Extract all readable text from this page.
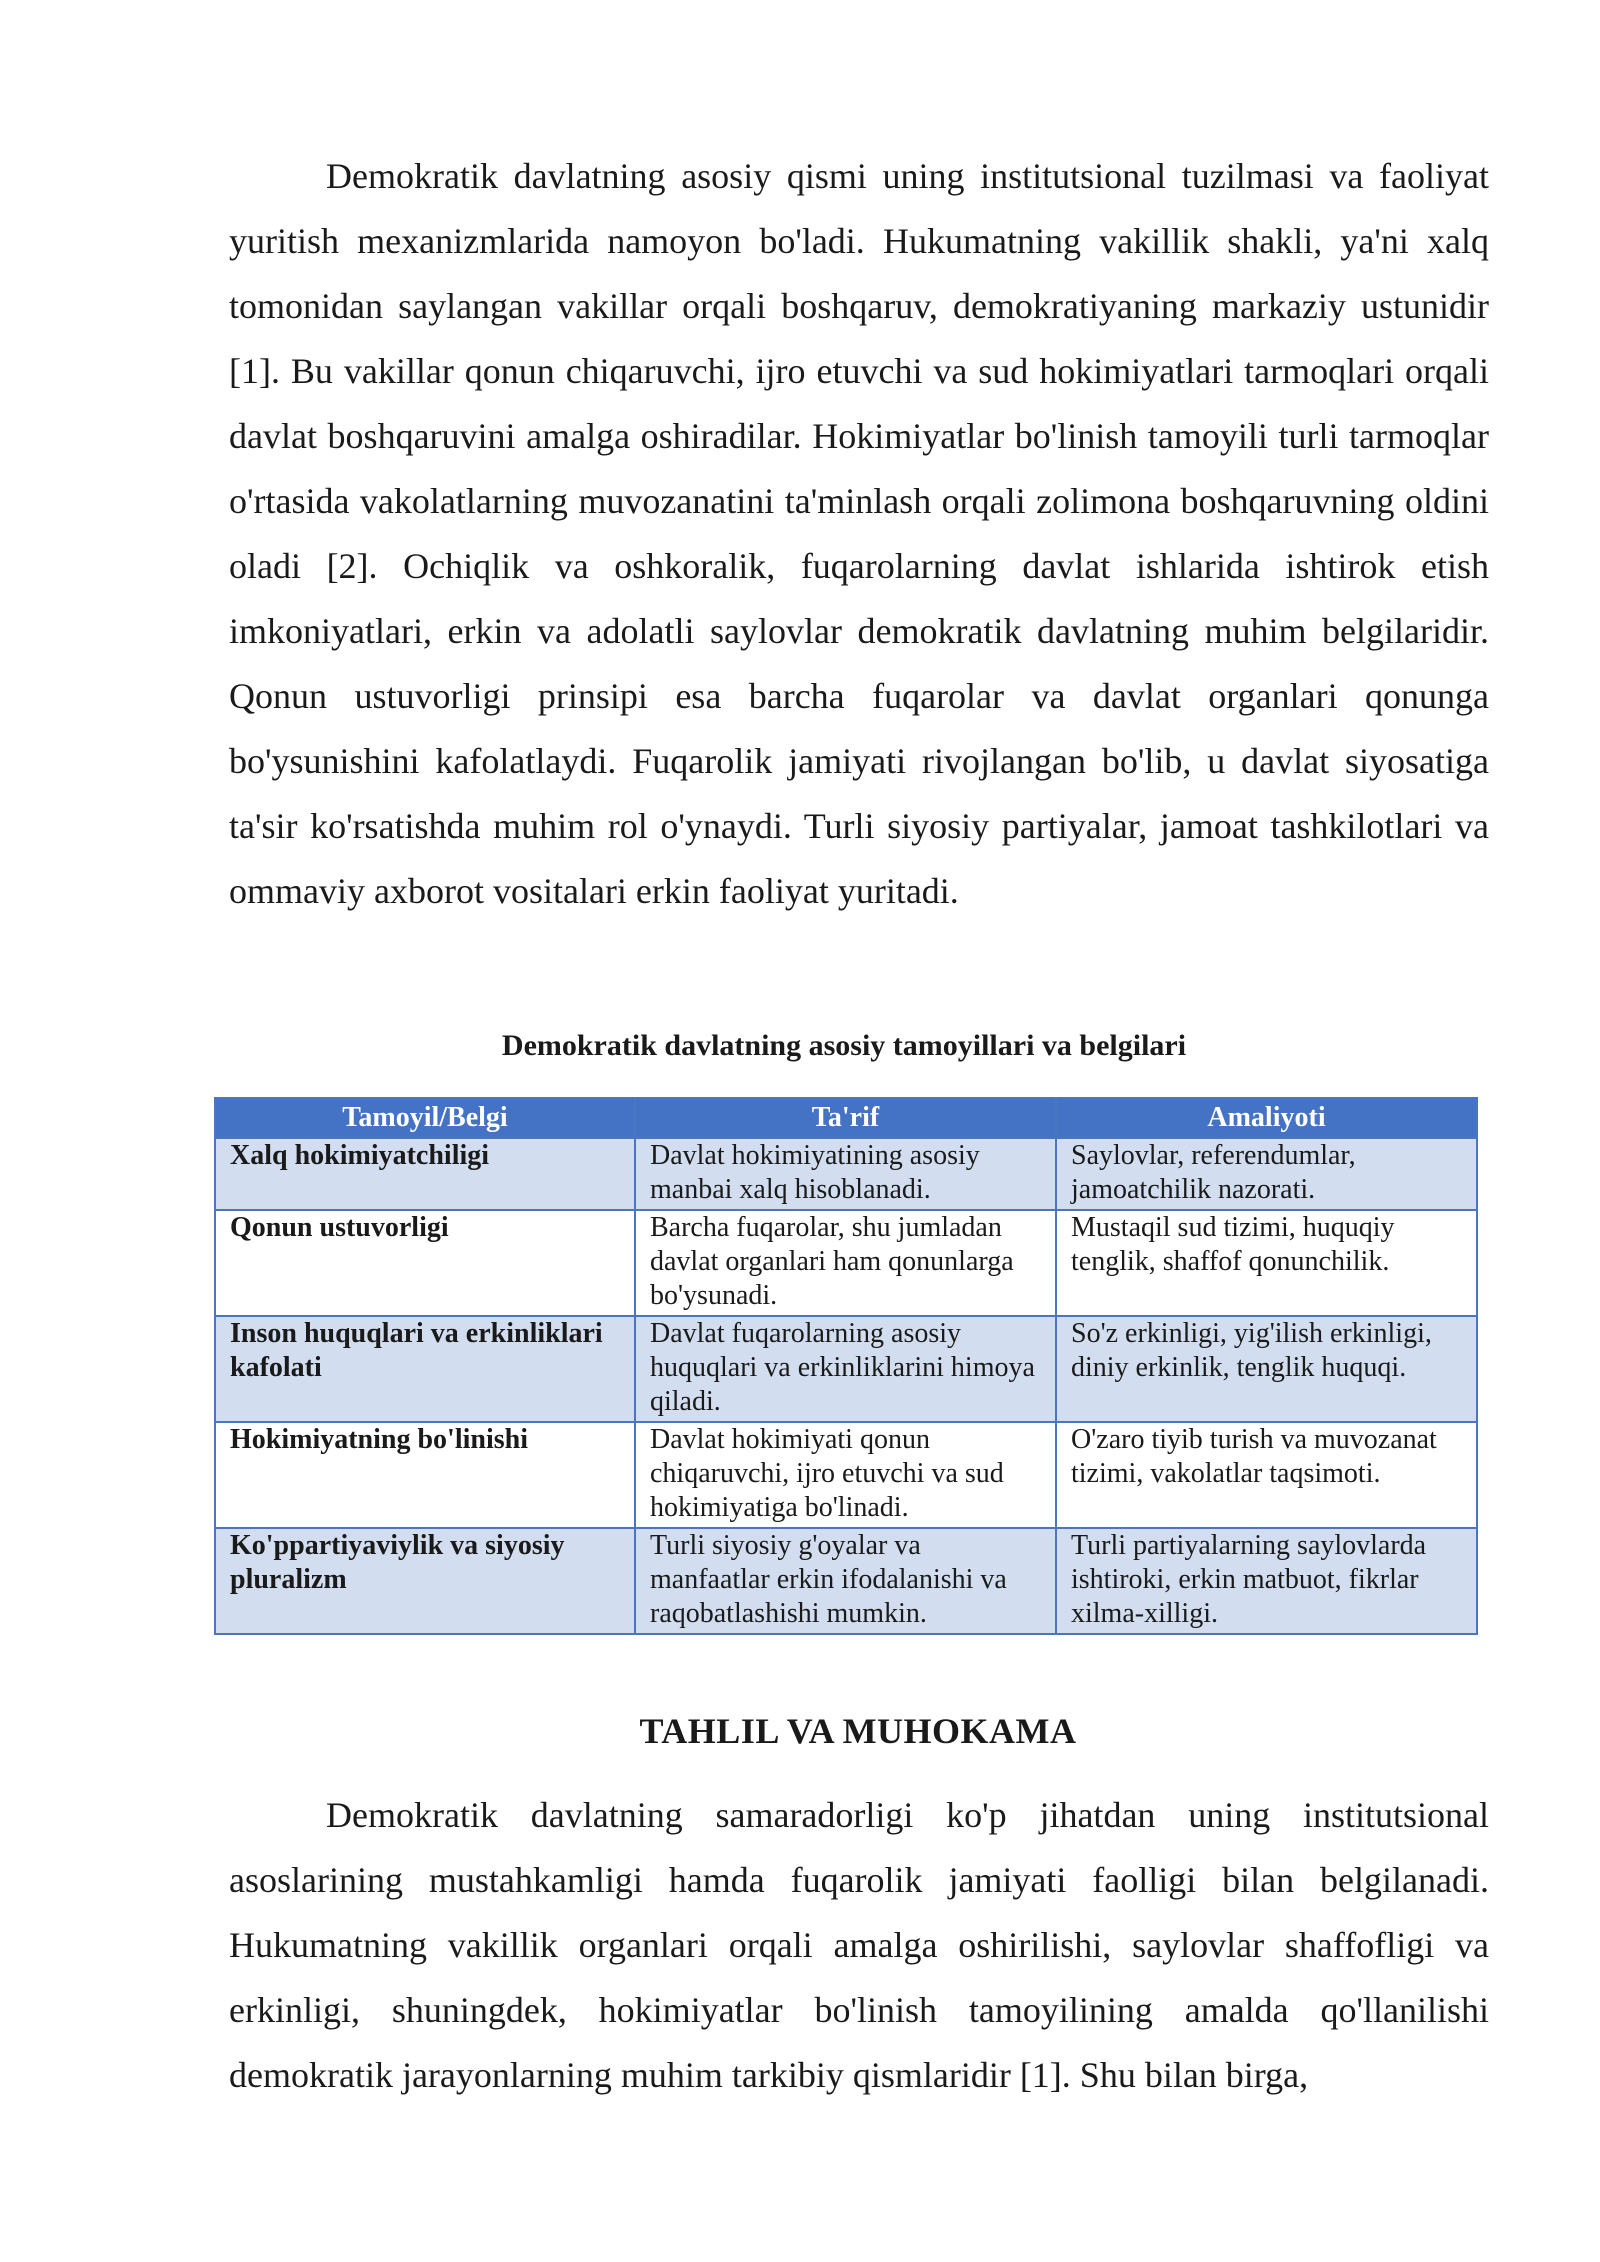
Demokratik davlatning asosiy qismi uning institutsional tuzilmasi va faoliyat yuritish mexanizmlarida namoyon bo'ladi. Hukumatning vakillik shakli, ya'ni xalq tomonidan saylangan vakillar orqali boshqaruv, demokratiyaning markaziy ustunidir [1]. Bu vakillar qonun chiqaruvchi, ijro etuvchi va sud hokimiyatlari tarmoqlari orqali davlat boshqaruvini amalga oshiradilar. Hokimiyatlar bo'linish tamoyili turli tarmoqlar o'rtasida vakolatlarning muvozanatini ta'minlash orqali zolimona boshqaruvning oldini oladi [2]. Ochiqlik va oshkoralik, fuqarolarning davlat ishlarida ishtirok etish imkoniyatlari, erkin va adolatli saylovlar demokratik davlatning muhim belgilaridir. Qonun ustuvorligi prinsipi esa barcha fuqarolar va davlat organlari qonunga bo'ysunishini kafolatlaydi. Fuqarolik jamiyati rivojlangan bo'lib, u davlat siyosatiga ta'sir ko'rsatishda muhim rol o'ynaydi. Turli siyosiy partiyalar, jamoat tashkilotlari va ommaviy axborot vositalari erkin faoliyat yuritadi.

Demokratik davlatning asosiy tamoyillari va belgilari
Tamoyil/Belgi	Ta'rif	Amaliyoti
Xalq hokimiyatchiligi	Davlat hokimiyatining asosiy manbai xalq hisoblanadi.	Saylovlar, referendumlar, jamoatchilik nazorati.
Qonun ustuvorligi	Barcha fuqarolar, shu jumladan davlat organlari ham qonunlarga bo'ysunadi.	Mustaqil sud tizimi, huquqiy tenglik, shaffof qonunchilik.
Inson huquqlari va erkinliklari kafolati	Davlat fuqarolarning asosiy huquqlari va erkinliklarini himoya qiladi.	So'z erkinligi, yig'ilish erkinligi, diniy erkinlik, tenglik huquqi.
Hokimiyatning bo'linishi	Davlat hokimiyati qonun chiqaruvchi, ijro etuvchi va sud hokimiyatiga bo'linadi.	O'zaro tiyib turish va muvozanat tizimi, vakolatlar taqsimoti.
Ko'ppartiyaviylik va siyosiy pluralizm	Turli siyosiy g'oyalar va manfaatlar erkin ifodalanishi va raqobatlashishi mumkin.	Turli partiyalarning saylovlarda ishtiroki, erkin matbuot, fikrlar xilma-xilligi.
TAHLIL VA MUHOKAMA

Demokratik davlatning samaradorligi ko'p jihatdan uning institutsional asoslarining mustahkamligi hamda fuqarolik jamiyati faolligi bilan belgilanadi. Hukumatning vakillik organlari orqali amalga oshirilishi, saylovlar shaffofligi va erkinligi, shuningdek, hokimiyatlar bo'linish tamoyilining amalda qo'llanilishi demokratik jarayonlarning muhim tarkibiy qismlaridir [1]. Shu bilan birga,
